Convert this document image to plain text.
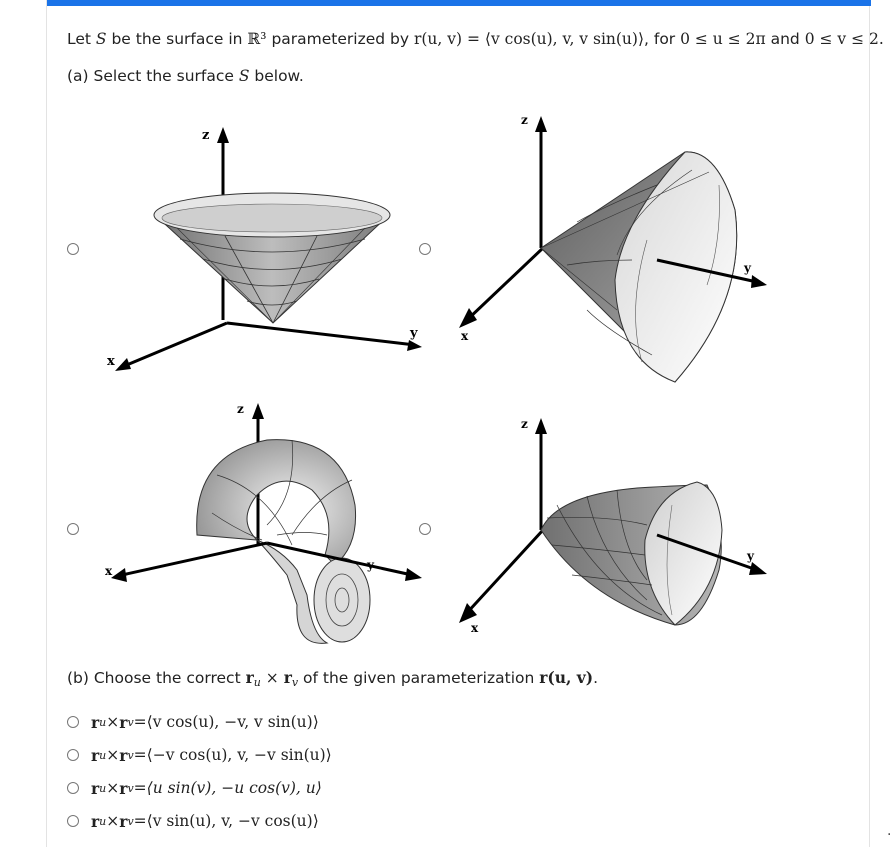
Let S be the surface in ℝ³ parameterized by r(u, v) = ⟨v cos(u), v, v sin(u)⟩, for 0 ≤ u ≤ 2π and 0 ≤ v ≤ 2.
(a) Select the surface S below.
z
x
y
z
x
y
z
x	y
z
x
y
(b) Choose the correct $r_u \times r_v$ of the given parameterization r(u, v).
r u × r v = ⟨v cos(u), −v, v sin(u)⟩
r u × r v = ⟨−v cos(u), v, −v sin(u)⟩
r u × r v = ⟨u sin(v), −u cos(v), u⟩
r u × r v = ⟨v sin(u), v, −v cos(u)⟩
.
